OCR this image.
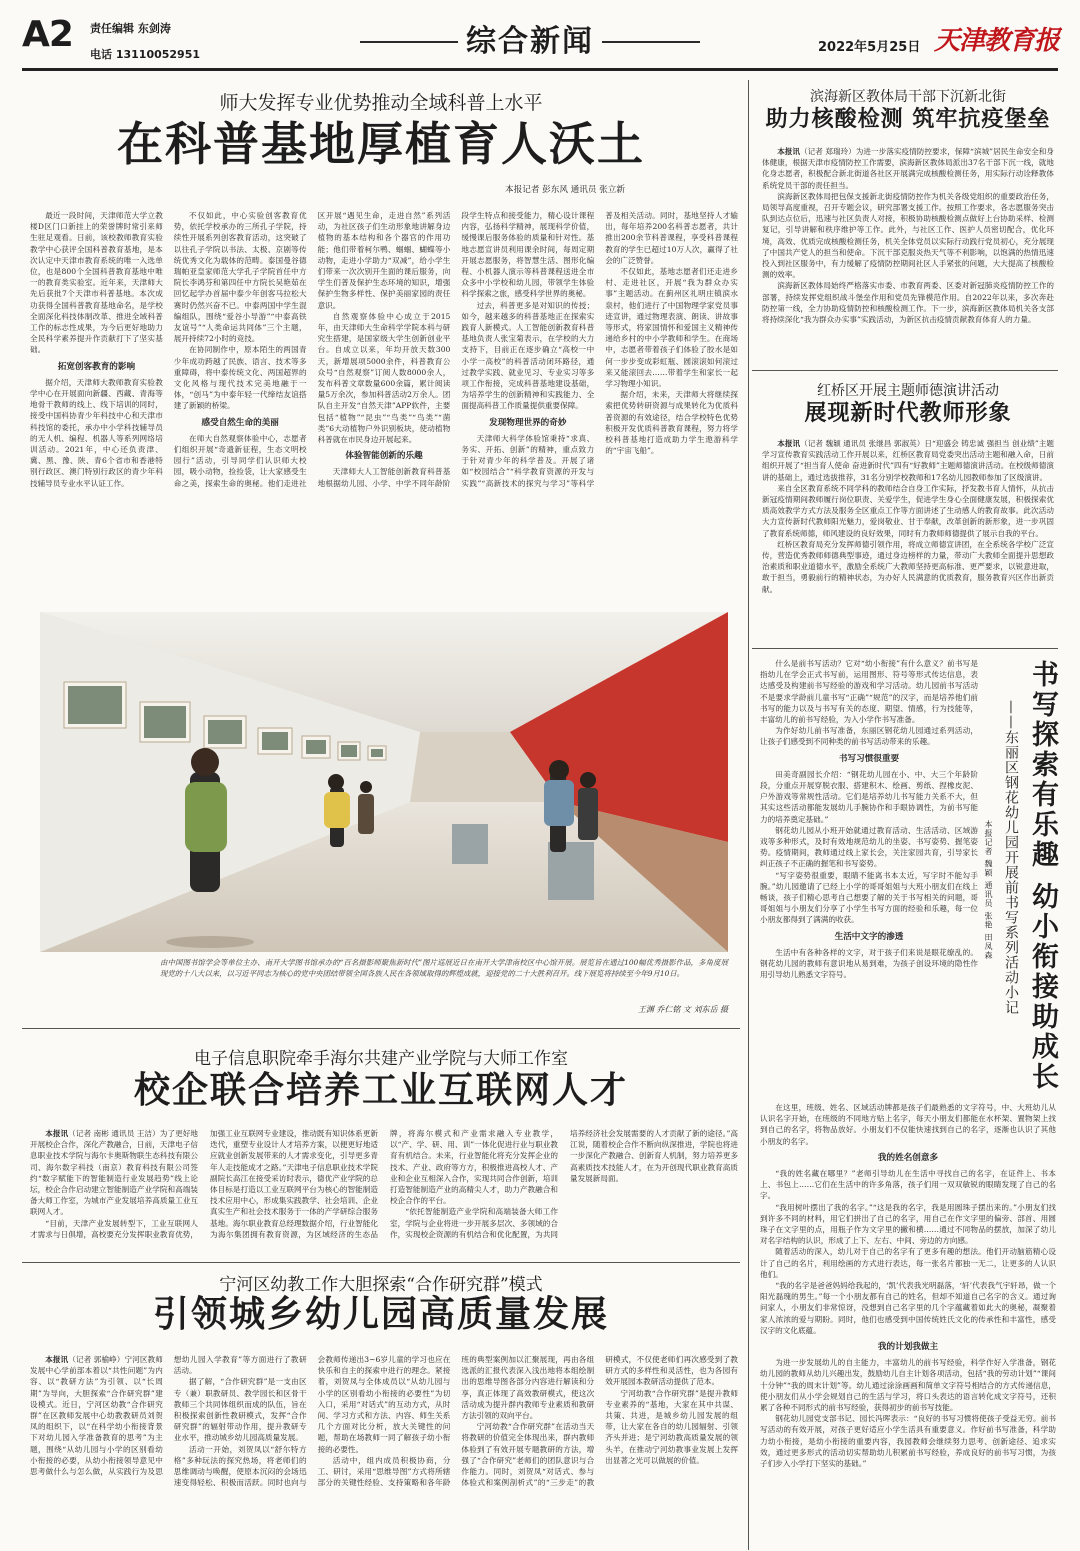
A2 责任编辑 东剑涛
电话 13110052951	综合新闻	2022年5月25日 天津教育报
师大发挥专业优势推动全域科普上水平
在科普基地厚植育人沃土
本报记者 彭东风 通讯员 张立新

最近一段时间，天津师范大学立教楼D区门口新挂上的荣誉牌时常引来师生驻足观看。日前，该校教师教育实验教学中心获评全国科普教育基地，是本次认定中天津市教育系统的唯一入选单位，也是800个全国科普教育基地中唯一的教育类实验室。近年来，天津师大先后获批7个天津市科普基地。本次成功获得全国科普教育基地命名，是学校全面深化科技体制改革、推进全域科普工作的标志性成果，为今后更好地助力全民科学素养提升作贡献打下了坚实基础。

拓宽创客教育的影响

据介绍，天津师大教师教育实验教学中心在开展面向新疆、西藏、青海等地骨干教师的线上、线下培训的同时，接受中国科协青少年科技中心和天津市科技馆的委托，承办中小学科技辅导员的无人机、编程、机器人等系列网络培训活动。2021年，中心还负责津、冀、黑、豫、陕、青6个省市和香港特别行政区、澳门特别行政区的青少年科技辅导员专业水平认证工作。

不仅如此，中心实验创客教育优势，依托学校承办的三所孔子学院，持续性开展系列创客教育活动，这突破了以往孔子学院以书法、太极、京剧等传统优秀文化为载体的范畴。泰国曼谷德瑞帕亚皇家师范大学孔子学院首任中方院长李鸿芬和第四任中方院长吴艳茹在回忆起学办首届中泰少年创客马拉松大赛时仍然兴奋不已。中泰两国中学生混编组队，围绕“爱谷小导游”“中泰高铁友谊号”“人类命运共同体”三个主题，展开持续72小时的竞技。

在协同制作中，原本陌生的两国青少年成功跨越了民族、语言、技术等多重障碍，将中泰传统文化、两国超界的文化风格与现代技术完美地融于一体，“创马”为中泰年轻一代缔结友谊搭建了新颖的桥梁。

感受自然生命的美丽

在师大自然观察体验中心，志愿者们组织开展“奇遗新征程，生态文明校园行”活动，引导同学们认识师大校园，吸小动物，捡捡袋，让大家感受生命之美，探索生命的奥秘。他们走进社区开展“遇见生命，走进自然”系列活动，为社区孩子们生动形象地讲解身边植物的基本结构和各个器官的作用功能；他们带着柯尔鸭、蝈蝈、蝴蝶等小动物，走进小学助力“双减”，给小学生们带来一次次别开生面的课后服务，向学生们普及保护生态环境的知识，增强保护生物多样性、保护美丽家园的责任意识。

自然观察体验中心成立于2015年，由天津师大生命科学学院本科与研究生搭建，是国家级大学生创新创业平台。自成立以来，年均开放天数300天，新增展项5000余件，科普教育公众号“自然观察”订阅人数8000余人，发布科普文章数量600余篇，累计阅读量5万余次，参加科普活动2万余人。团队自主开发“自然天津”APP软件，主要包括“植物”“昆虫”“鸟类”“鸟类”“菌类”6大动植物户外识别板块，使动植物科普就在市民身边开展起来。

体验智能创新的乐趣

天津师大人工智能创新教育科普基地根据幼儿园、小学、中学不同年龄阶段学生特点和接受能力，精心设计课程内容，弘扬科学精神，展现科学价值，缓慢课后服务体验的质量和针对性。基地志愿宣讲员利用课余时间，每周定期开展志愿服务，将智慧生活、图形化编程、小机器人演示等科普课程送进全市众多中小学校和幼儿园，带领学生体验科学探索之旅，感受科学世界的奥秘。

过去，科普更多是对知识的传授；如今，越来越多的科普基地正在探索实践育人新模式。人工智能创新教育科普基地负责人张宝菊表示，在学校的大力支持下，目前正在逐步确立“高校一中小学一高校”的科普活动闭环路径，通过教学实践、就业见习、专业实习等多项工作衔接，完成科普基地建设基础，为培养学生的创新精神和实践能力、全面提高科普工作质量提供重要保障。

发现物理世界的奇妙

天津师大科学体验馆秉持“求真、务实、开拓、创新”的精神，重点致力于针对青少年的科学普及。开展了诸如“校园结合”“科学教育资源的开发与实践”“高新技术的探究与学习”等科学普及相关活动。同时，基地坚持人才输出，每年培养200名科普志愿者，共计推出200余节科普课程，享受科普课程教育的学生已超过10万人次，赢得了社会的广泛赞誉。

不仅如此，基地志愿者们还走进乡村、走进社区，开展“我为群众办实事”主题活动。在蓟州区礼明庄镇滨水泉村，他们进行了中国物理学家党员事迹宣讲，通过物理表演、朗读、讲故事等形式，将家国情怀和爱国主义精神传递给乡村的中小学教师和学生。在商场中，志愿者带着孩子们体验了胶水是如何一步步变成彩虹瓶、圆滚滚如何滚过来又能滚回去……带着学生和家长一起学习物理小知识。

据介绍，未来，天津师大将继续探索把优势转研资源与成果转化为优质科普资源的有效途径，结合学校特色优势积极开发优质科普教育课程，努力将学校科普基地打造成助力学生遨游科学的“宇宙飞船”。

由中国图书馆学会等单位主办、南开大学图书馆承办的“百名摄影师聚焦新时代”图片巡展近日在南开大学津南校区中心馆开展。展览旨在通过100幅优秀摄影作品，多角度展现党的十八大以来，以习近平同志为核心的党中央团结带领全国各族人民在各领域取得的辉煌成就，迎接党的二十大胜利召开。线下展览将持续至今年9月10日。
王渊 乔仁铭 文 刘东岳 摄
电子信息职院牵手海尔共建产业学院与大师工作室
校企联合培养工业互联网人才

本报讯（记者 南彬 通讯员 王洁）为了更好地开展校企合作，深化产教融合，日前，天津电子信息职业技术学院与海尔卡奥斯物联生态科技有限公司、海尔数字科技（南京）教育科技有限公司签约“数字赋能下的智能制造行业发展趋势”线上论坛，校企合作启动建立智能制造产业学院和高端装备大师工作室，为城市产业发展培养高质量工业互联网人才。

“目前，天津产业发展转型下，工业互联网人才需求与日俱增，高校要充分发挥职业教育优势，加强工业互联网专业建设，推动既有知识体系更新迭代，重塑专业设计人才培养方案，以便更好地适应就业创新发展带来的人才需求变化，引导更多青年人走技能成才之路。”天津电子信息职业技术学院副院长高江在接受采访时表示，德优产业学院的总体目标是打造以工业互联网平台为核心的智能制造技术应用中心，形成集实践教学、社会培训、企业真实生产和社会技术服务于一体的产学研综合服务基地。海尔职业教育总经理数据介绍，行业智能化为海尔集团拥有教育资源，为区域经济的生态品牌，将海尔模式和产业需求融入专业教学，以“产、学、研、用、训”一体化促进行业与职业教育有机结合。未来，行业智能化将充分发挥企业的技术、产业、政府等方方，积极推进高校人才、产业和企业互相深入合作，实现共同合作创新，培训打造智能制造产业的高精尖人才，助力产教融合和校企合作的平台。

“依托智能制造产业学院和高端装备大师工作室，学院与企业将进一步开展多层次、多领域的合作，实现校企资源的有机结合和优化配置，为共同培养经济社会发展需要的人才贡献了新的途径。”高江说，随着校企合作不断向纵深推进，学院也将进一步深化产教融合、创新育人机制，努力培养更多高素质技术技能人才，在为开创现代职业教育高质量发展新局面。

宁河区幼教工作大胆探索“合作研究群”模式
引领城乡幼儿园高质量发展

本报讯（记者 郭榆峥）宁河区教师发展中心学前部本着以“共性问题”为内容、以“教研方法”为引领、以“长周期”为导向，大胆探索“合作研究群”建设模式。近日，宁河区幼教“合作研究群”在区教师发展中心幼教教研员刘贺凤的组织下，以“在科学幼小衔接背景下对幼儿园入学准备教育的思考”为主题，围绕“从幼儿园与小学的区别看幼小衔接的必要，从幼小衔接领导意见中思考做什么与怎么做，从实践行为及思想幼儿园入学教育”等方面进行了教研活动。

据了解，“合作研究群”是一支由区专（兼）职教研员、教学园长和区骨干教师三个共同体组织而成的队伍，旨在积极探索创新性教研模式，发挥“合作研究群”的辐射带动作用，提升教研专业水平，推动城乡幼儿园高质量发展。

活动一开始，刘贺凤以“舒尔特方格”多种玩法的探究热场，将老师们的思维调动与唤醒，使原本沉闷的会场迅速变得轻松、积极而活跃。同时也向与会教师传递出3~6岁儿童的学习也应在快乐和自主的探索中进行的理念。紧接着，刘贺凤与全体成员以“从幼儿园与小学的区别看幼小衔接的必要性”为切入口，采用“对话式”的互动方式，从时间、学习方式和方法、内容、师生关系几个方面对比分析，放大关键性的问题，帮助在场教师一同了解孩子幼小衔接的必要性。

活动中，组内成员积极协商，分工、研讨，采用“思维导图”方式将所辖部分的关键性经验、支持策略和各年龄班的典型案例加以汇聚展现，再由各组选派的汇报代表深入浅出地将本组绘制出的思维导图各部分内容进行解读和分享，真正体现了高效教研模式，使这次活动成为提升群内教师专业素质和教研方法引领的双向平台。

宁河幼教“合作研究群”在活动当天将教研的价值完全体现出来，群内教师体验到了有效开展专题教研的方法，增强了“合作研究”老师们的团队意识与合作能力。同时，刘贺凤“对话式、参与体验式和案例剖析式”的“三步走”的教研模式，不仅使老师们再次感受到了教研方式的多样性和灵活性，也为各园有效开展园本教研活动提供了范本。

宁河幼教“合作研究群”是提升教师专业素养的“基地，大家在其中共谋、共策、共进，是城乡幼儿园发展的组带，让大家在各自的幼儿园辐射、引领齐头并进；是宁河幼教高质量发展的领头羊，在推动宁河幼教事业发展上发挥出显著之光可以做展的价值。

滨海新区教体局干部下沉新北街
助力核酸检测 筑牢抗疫堡垒

本报讯（记者 郑瑞玲）为进一步落实疫情防控要求，保障“滨城”居民生命安全和身体健康，根据天津市疫情防控工作需要，滨海新区教体局派出37名干部下沉一线，就地化身志愿者，积极配合新北街道各社区开展满完成核酸检测任务，用实际行动诠释教体系统党员干部的责任担当。

滨海新区教体局把包保支援新北街疫情防控作为机关各级党组织的重要政治任务，局领导高度重视，召开专题会议，研究部署支援工作。按照工作要求，各志愿服务突击队到达点位后，迅速与社区负责人对接，积极协助核酸检测点做好上台协助采样、检测复记，引导讲解和秩序维护等工作。此外，与社区工作、医护人员密切配合，优化环境，高效、优质完成核酸检测任务，机关全体党员以实际行动践行党员初心，充分展现了中国共产党人的担当和使命。下沉干部克服炎热天气等不利影响，以饱满的热情迅速投入到社区服务中，有力缓解了疫情防控期间社区人手紧张的问题，大大提高了核酸检测的效率。

滨海新区教体局始终严格落实市委、市教育两委、区委对新冠肺炎疫情防控工作的部署，持续发挥党组织战斗堡垒作用和党员先锋模范作用。自2022年以来，多次奔赴防控第一线，全力协助疫情防控和核酸检测工作。下一步，滨海新区教体局机关各支部将持续深化“我为群众办实事”实践活动，为新区抗击疫情贡献教育体育人的力量。

红桥区开展主题师德演讲活动
展现新时代教师形象

本报讯（记者 魏颖 通讯员 张继昌 郭淑英）日“迎盛会 铸忠诚 强担当 创业绩”主题学习宣传教育实践活动工作开展以来，红桥区教育局党委突出活动主题和融入命，日前组织开展了“担当育人使命 奋进新时代”四有“好教师”主题师德演讲活动。在校级师德演讲的基础上，通过选拔推荐，31名分别学校教师和17名幼儿园教师参加了区级演讲。

来自全区教育系统不同学科的教师结合自身工作实际，抒发教书育人情怀，从抗击新冠疫情期间教师履行岗位职责、关爱学生，促进学生身心全面健康发展，积极探索优质高效教学方式方法及服务全区重点工作等方面讲述了生动感人的教育故事。此次活动大力宣传新时代教师阳光魅力，爱岗敬业、甘于奉献，改革创新的新形象，进一步巩固了教育系统师德，师风建设的良好效果，同时有力教师师德提供了展示自我的平台。

红桥区教育局充分发挥师德引领作用，将成立师德宣讲团，在全系统各学校广泛宣传，营造优秀教师师德典型事迹，通过身边榜样的力量，带动广大教师全面提升思想政治素质和职业道德水平，激励全系统广大教师坚持更高标准、更严要求，以锐意进取，敢于担当，勇毅前行的精神状态，为办好人民满意的优质教育，服务教育兴区作出新贡献。

书写探索有乐趣 幼小衔接助成长
——东丽区钢花幼儿园开展前书写系列活动小记
本报记者 魏颖 通讯员 张艳 田凤森

什么是前书写活动？它对“幼小衔接”有什么意义？前书写是指幼儿在学会正式书写前，运用图形、符号等形式传达信息，表达感受及构建前书写经验的游戏和学习活动。幼儿园前书写活动不是要求学龄前儿童书写“正确”“规范”的汉字，而是培养他们前书写的能力以及与书写有关的态度、期望、情感，行为技能等，丰富幼儿的前书写经验，为入小学作书写准备。

为作好幼儿前书写准备，东丽区钢花幼儿园通过系列活动，让孩子们感受到不同种类的前书写活动带来的乐趣。

书写习惯很重要

田美奇副园长介绍：“钢花幼儿园在小、中、大三个年龄阶段，分重点开展穿脱衣服、搭建积木、绘画、剪纸、捏橡皮泥、户外游戏等常规性活动。它们是培养幼儿书写能力关系不大，但其实这些活动都能发展幼儿手腕协作和手眼协调性，为前书写能力的培养奠定基础。”

钢花幼儿园从小班开始就通过教育活动、生活活动、区域游戏等多种形式，及时有效地规范幼儿的坐姿、书写姿势、握笔姿势。疫情期间，教师通过线上家长会，关注家园共育，引导家长纠正孩子不正确的握笔和书写姿势。

“写字姿势很重要，眼睛不能离书本太近，写字时不能勾手腕。”幼儿园邀请了已经上小学的哥哥姐姐与大班小朋友们在线上畅谈，孩子们精心思考自己想要了解的关于书写相关的问题，哥哥姐姐与小朋友们分享了小学生书写方面的经验和乐趣，每一位小朋友都得到了满满的收获。

生活中文字的渗透

生活中有各种各样的文字，对于孩子们来说是眼花缭乱的。钢花幼儿园的教师有意识地从易到难，为孩子创设环境的隐性作用引导幼儿熟悉文字符号。

在这里，班级、姓名、区域活动牌都是孩子们最熟悉的文字符号，中、大班幼儿从认识名字开始，在班级的不同地方贴上名字，每天小朋友们都能在水杯架、置物架上找到自己的名字，将物品放好。小朋友们不仅能快速找到自己的名字，逐渐也认识了其他小朋友的名字。

我的姓名创意多

“我的姓名藏在哪里？”老师引导幼儿在生活中寻找自己的名字，在证件上、书本上、书包上……它们在生活中的许多角落，孩子们用一双双敏锐的眼睛发现了自己的名字。

“我用树叶摆出了我的名字。”“这是我的名字，我是用圆珠子摆出来的。”小朋友们找到许多不同的材料，用它们拼出了自己的名字，用自己在作文字里的偏旁、部首、用圆珠子在文字里的点，用瓶子作为文字里的撇和横……通过不同物品的摆放，加深了幼儿对名字结构的认识，形成了上下、左右、中间、旁边的方向感。

随着活动的深入，幼儿对于自己的名字有了更多有趣的想法。他们开动脑筋精心设计了自己的名片，利用绘画的方式进行表达，每一张名片都独一无二，让更多的人认识他们。

“我的名字是爸爸妈妈给我起的，‘凯’代表我光明磊落，‘轩’代表我气宇轩昂，做一个阳光磊瑰的男生。”每一个小朋友都有自己的姓名，但却不知道自己名字的含义。通过询问家人，小朋友们非常惊讶，没想到自己名字里的几个字蕴藏着如此大的奥秘，凝聚着家人浓浓的爱与期盼。同时，他们也感受到中国传统姓氏文化的传承性和丰富性，感受汉字的文化底蕴。

我的计划我做主

为进一步发展幼儿的自主能力，丰富幼儿的前书写经验，科学作好入学准备，钢花幼儿园的教师从幼儿兴趣出发，鼓励幼儿自主计划各项活动，包括“我的劳动计划”“课间十分钟”“我的周末计划”等。幼儿通过涂涂画画和简单文字符号相结合的方式传递信息，使小朋友们从小学会规划自己的生活与学习，将口头表达的语言转化成文字符号，还积累了各种不同形式的前书写经验，获得初步的前书写技能。

钢花幼儿园党支部书记、园长冯晖表示：“良好的书写习惯将使孩子受益无穷。前书写活动的有效开展，对孩子更好适应小学生活具有重要意义。作好前书写准备，科学助力幼小衔接，是幼小衔接的重要内容，我园教师会继续努力思考、创新途径、追求实效，通过更多形式的活动切实帮助幼儿积累前书写经验，养成良好的前书写习惯，为孩子们步入小学打下坚实的基础。”
